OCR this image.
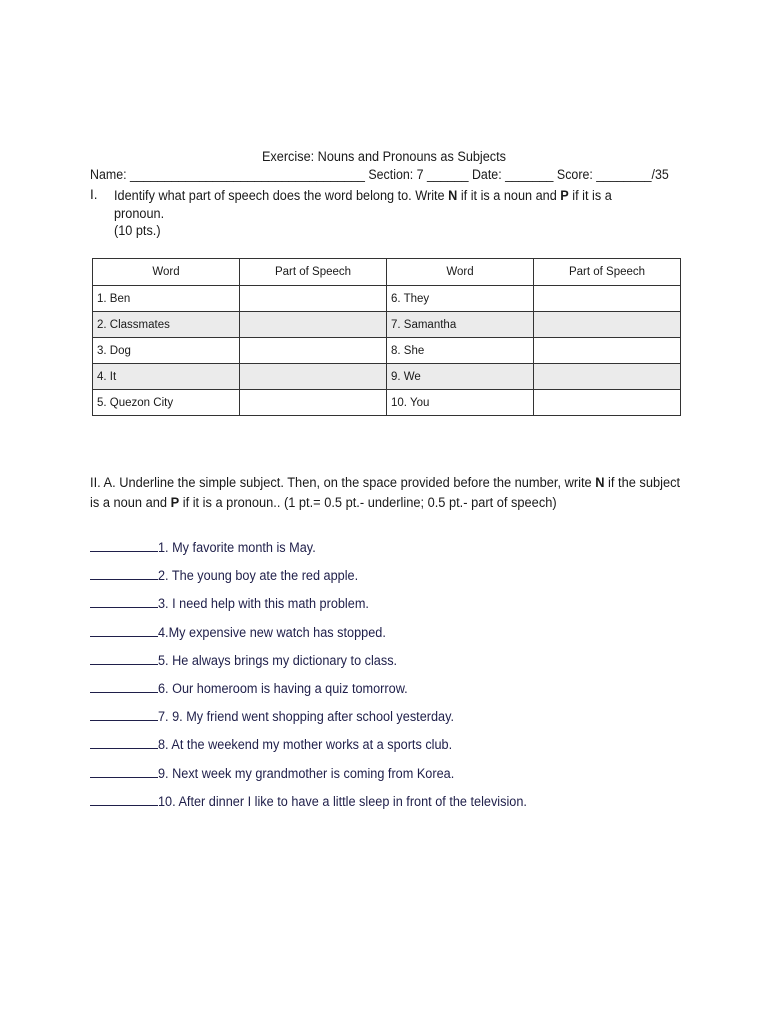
Exercise: Nouns and Pronouns as Subjects
Name: __________________________________ Section: 7 ______ Date: _______ Score: ________/35
I. Identify what part of speech does the word belong to. Write N if it is a noun and P if it is a pronoun.
(10 pts.)
Word	Part of Speech	Word	Part of Speech
1. Ben		6. They	
2. Classmates		7. Samantha	
3. Dog		8. She	
4. It		9. We	
5. Quezon City		10. You	
II. A. Underline the simple subject. Then, on the space provided before the number, write N if the subject is a noun and P if it is a pronoun.. (1 pt.= 0.5 pt.- underline; 0.5 pt.- part of speech)
1. My favorite month is May.
2. The young boy ate the red apple.
3. I need help with this math problem.
4.My expensive new watch has stopped.
5. He always brings my dictionary to class.
6. Our homeroom is having a quiz tomorrow.
7. 9. My friend went shopping after school yesterday.
8. At the weekend my mother works at a sports club.
9. Next week my grandmother is coming from Korea.
10. After dinner I like to have a little sleep in front of the television.
